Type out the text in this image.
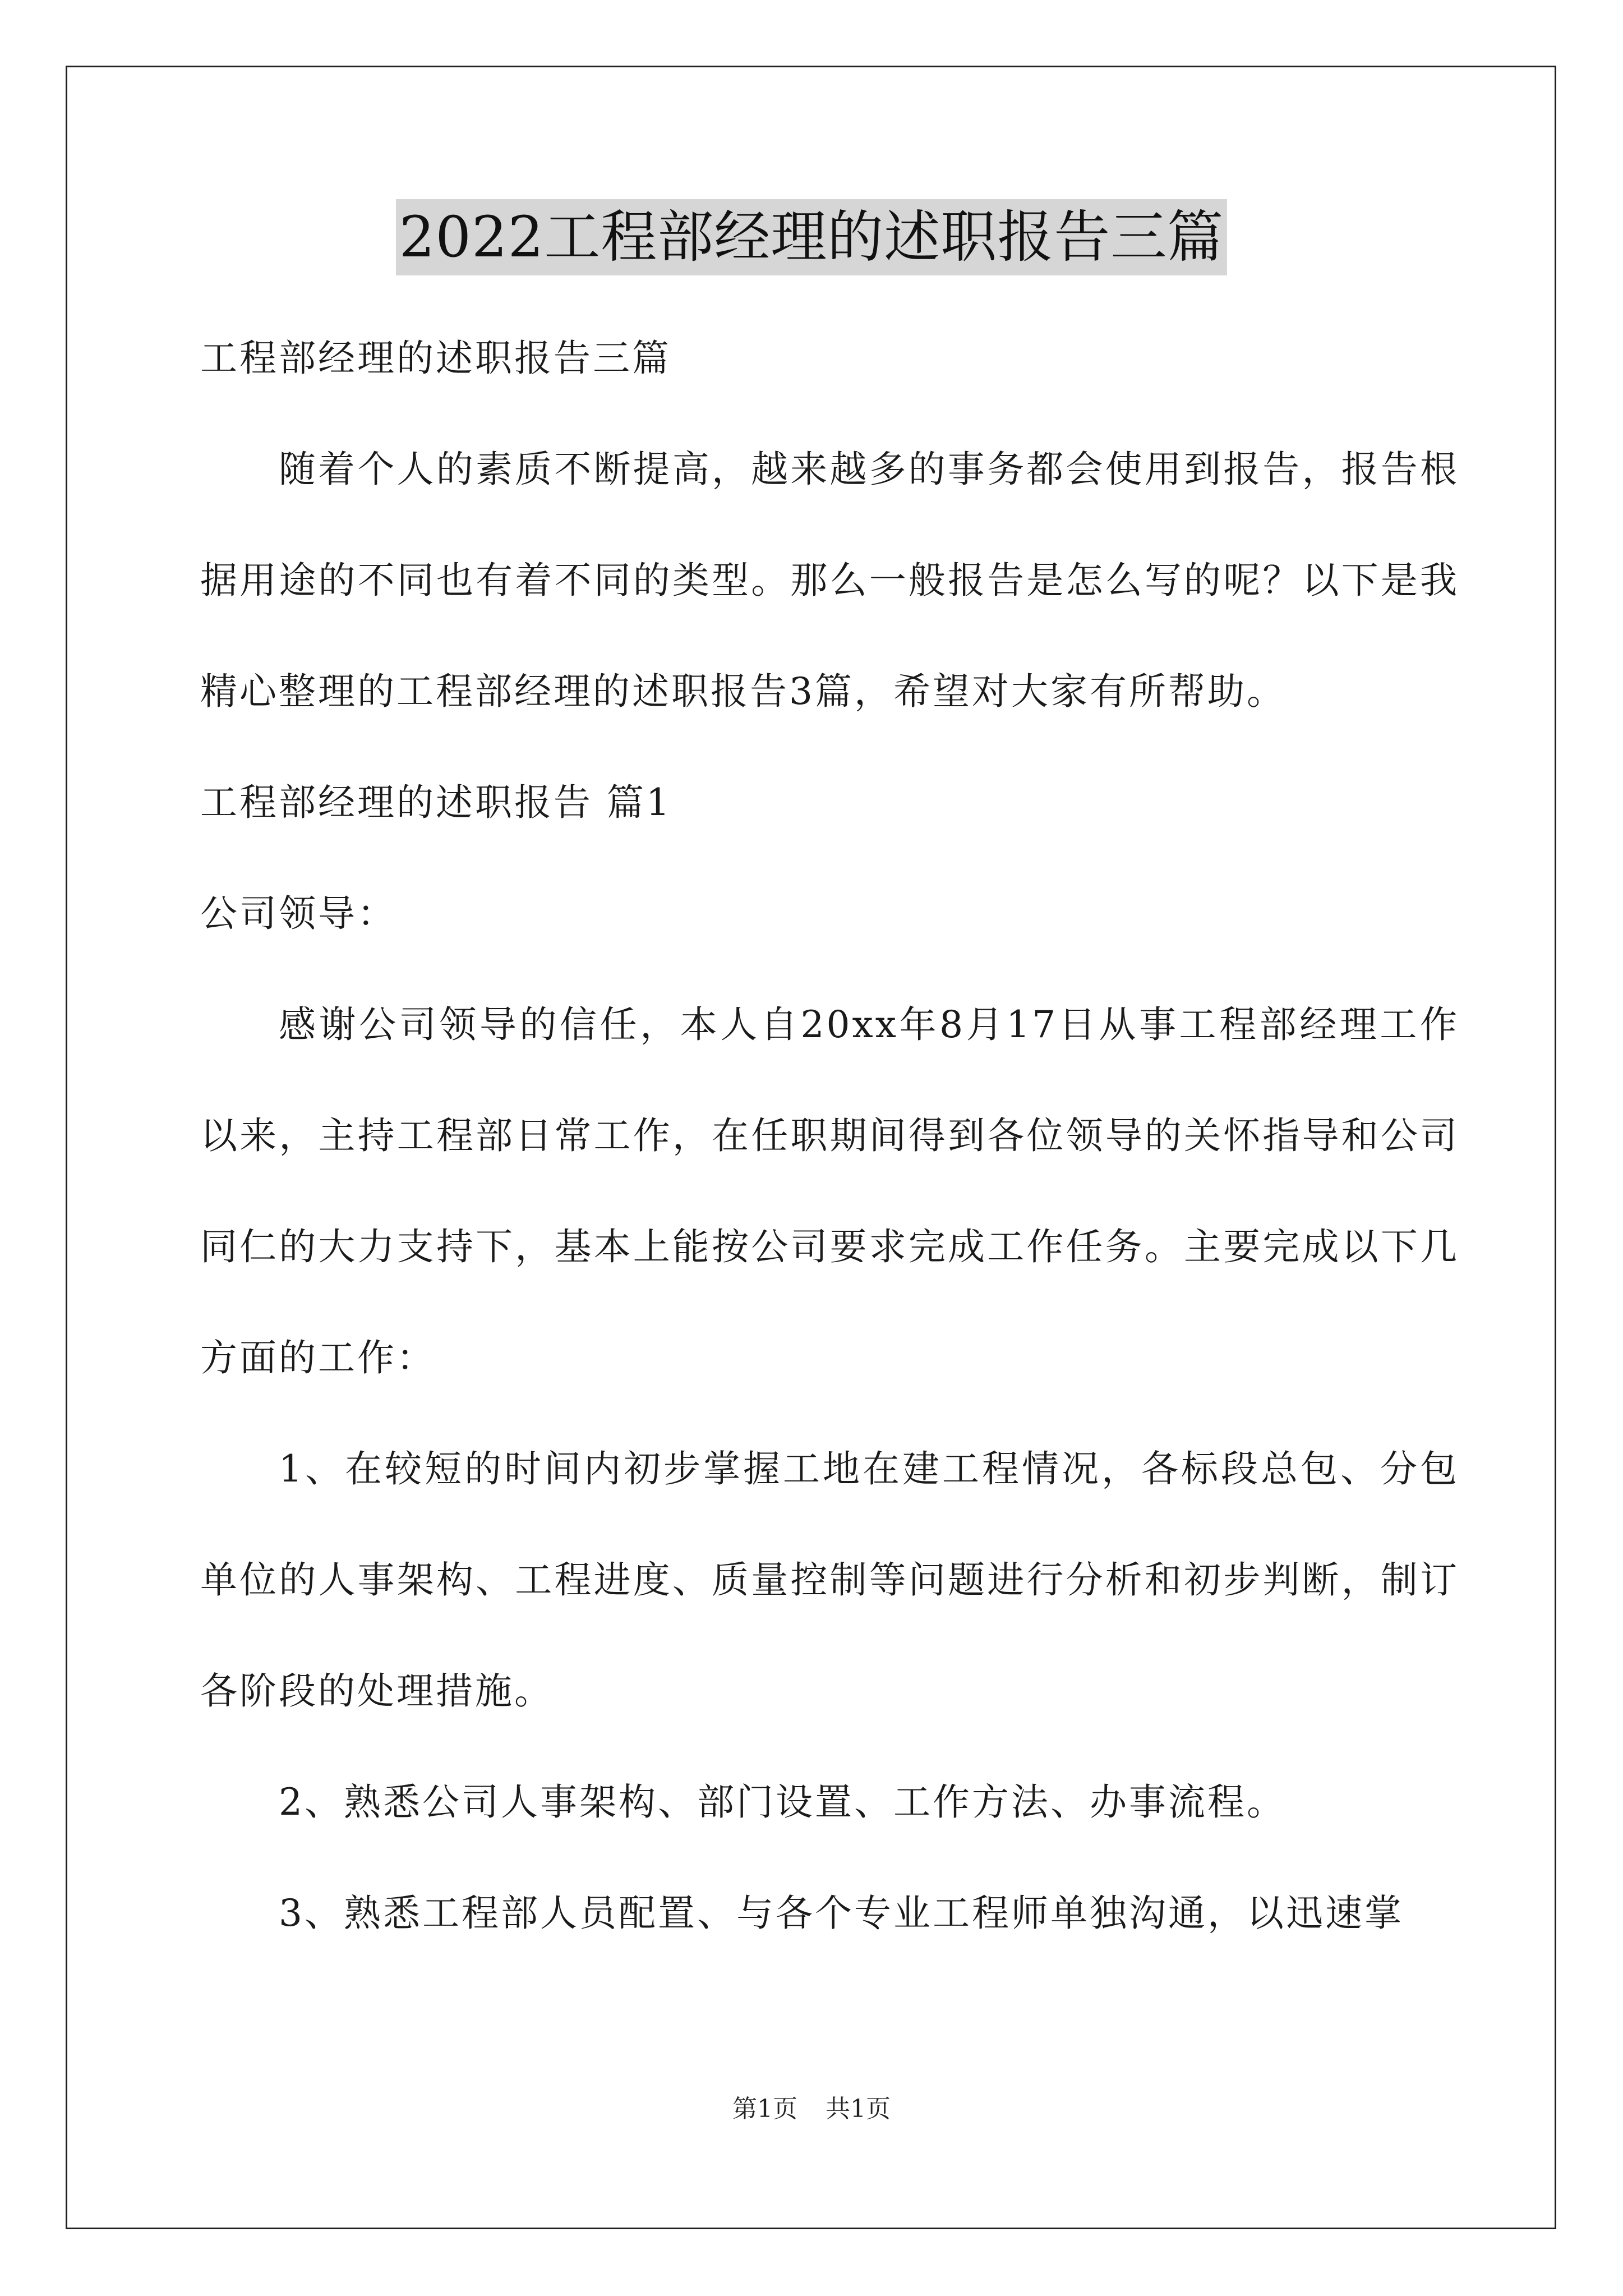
2022工程部经理的述职报告三篇

工程部经理的述职报告三篇

随着个人的素质不断提高，越来越多的事务都会使用到报告，报告根据用途的不同也有着不同的类型。那么一般报告是怎么写的呢？以下是我精心整理的工程部经理的述职报告3篇，希望对大家有所帮助。

工程部经理的述职报告 篇1

公司领导：

感谢公司领导的信任，本人自20xx年8月17日从事工程部经理工作以来，主持工程部日常工作，在任职期间得到各位领导的关怀指导和公司同仁的大力支持下，基本上能按公司要求完成工作任务。主要完成以下几方面的工作：

1、在较短的时间内初步掌握工地在建工程情况，各标段总包、分包单位的人事架构、工程进度、质量控制等问题进行分析和初步判断，制订各阶段的处理措施。

2、熟悉公司人事架构、部门设置、工作方法、办事流程。

3、熟悉工程部人员配置、与各个专业工程师单独沟通，以迅速掌

第1页 共1页
